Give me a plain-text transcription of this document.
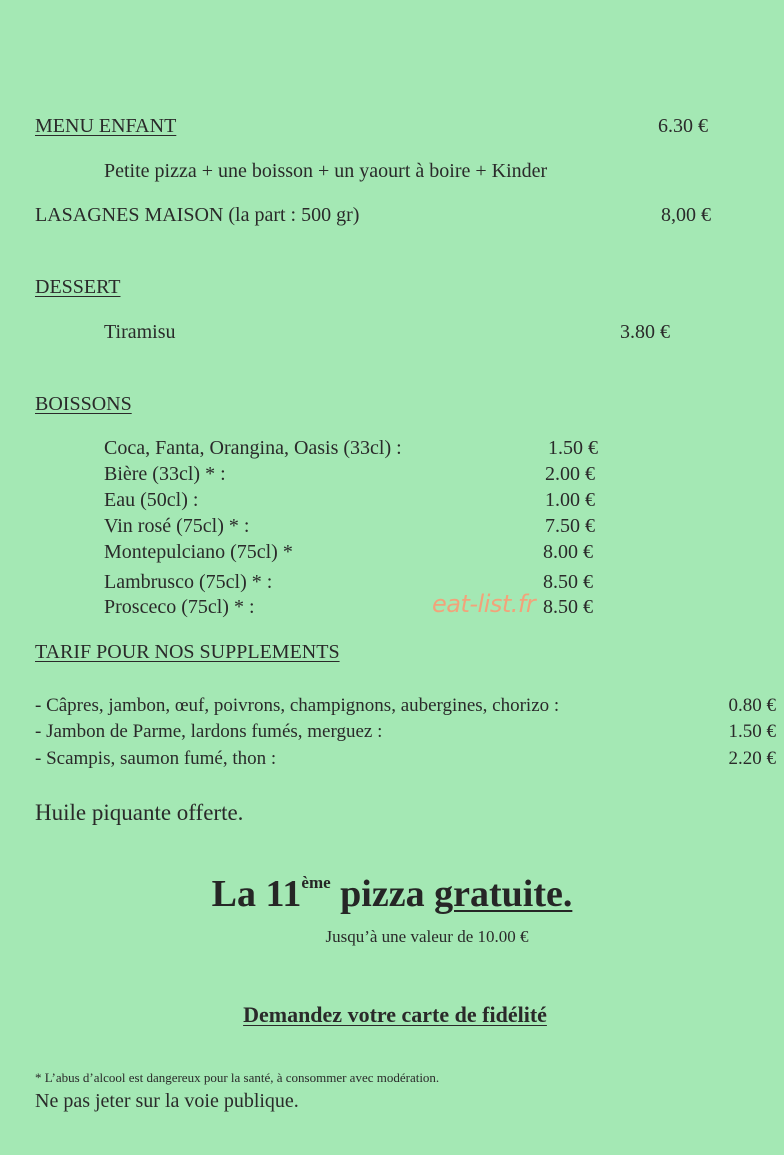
MENU ENFANT	6.30 €
Petite pizza + une boisson + un yaourt à boire + Kinder
LASAGNES MAISON (la part : 500 gr)	8,00 €
DESSERT
Tiramisu	3.80 €
BOISSONS
Coca, Fanta, Orangina, Oasis (33cl) :	1.50 €
Bière (33cl) * :	2.00 €
Eau (50cl) :	1.00 €
Vin rosé (75cl) * :	7.50 €
Montepulciano (75cl) *	8.00 €
Lambrusco (75cl) * :	8.50 €
Prosceco (75cl) * :	8.50 €
eat-list.fr
TARIF POUR NOS SUPPLEMENTS
- Câpres, jambon, œuf, poivrons, champignons, aubergines, chorizo :	0.80 €
- Jambon de Parme, lardons fumés, merguez :	1.50 €
- Scampis, saumon fumé, thon :	2.20 €
Huile piquante offerte.
La 11ème pizza gratuite.
Jusqu’à une valeur de 10.00 €
Demandez votre carte de fidélité
* L’abus d’alcool est dangereux pour la santé, à consommer avec modération.
Ne pas jeter sur la voie publique.
